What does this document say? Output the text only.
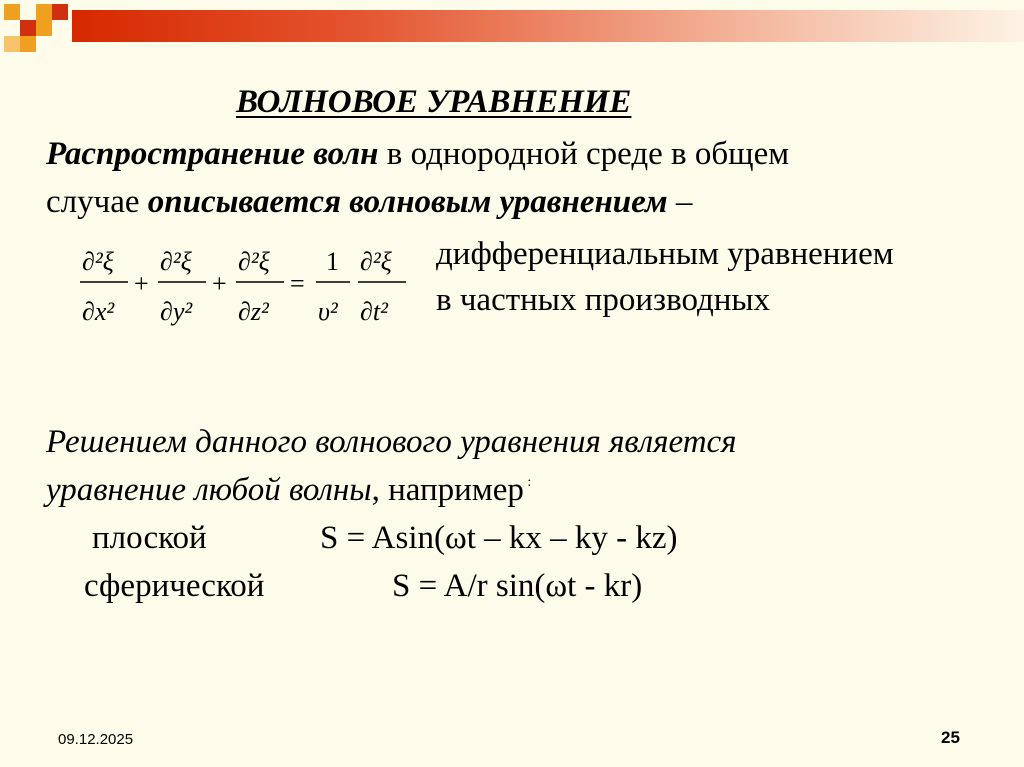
ВОЛНОВОЕ УРАВНЕНИЕ
Распространение волн в однородной среде в общем
случае описывается волновым уравнением –
∂²ξ
∂x²
+
∂²ξ
∂y²
+
∂²ξ
∂z²
=
1
υ²
∂²ξ
∂t²
дифференциальным уравнением
в частных производных
Решением данного волнового уравнения является
уравнение любой волны, например :
плоской	S = Asin(ωt – kx – ky - kz)
сферической	S = A/r sin(ωt - kr)
09.12.2025	25
